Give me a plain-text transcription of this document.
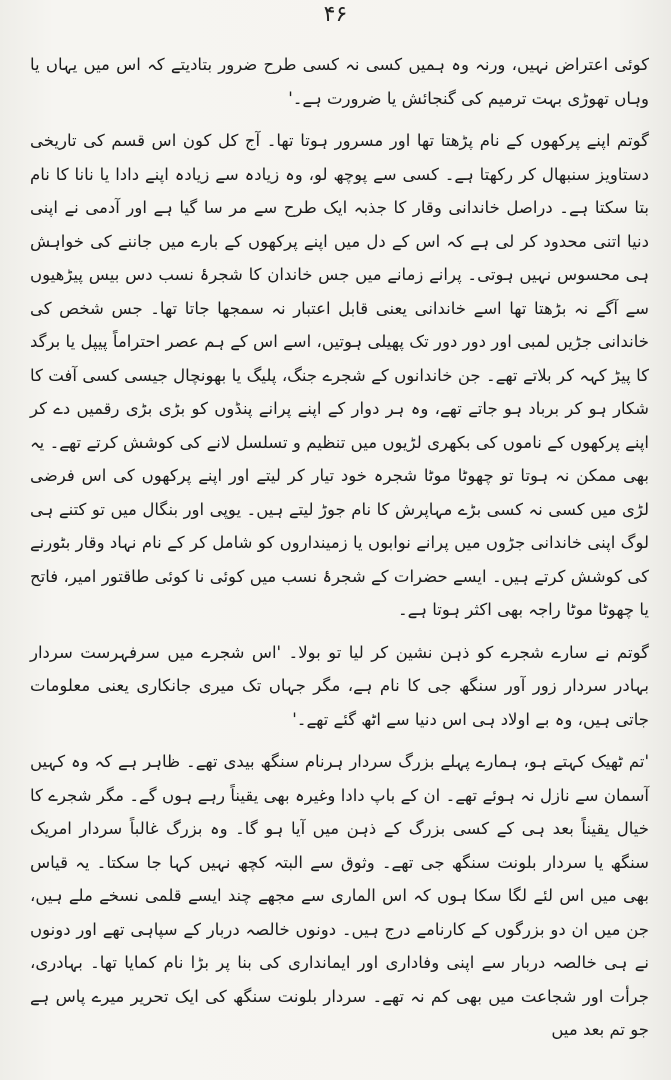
۴۶

کوئی اعتراض نہیں، ورنہ وہ ہمیں کسی نہ کسی طرح ضرور بتادیتے کہ اس میں یہاں یا وہاں تھوڑی بہت ترمیم کی گنجائش یا ضرورت ہے۔'

گوتم اپنے پرکھوں کے نام پڑھتا تھا اور مسرور ہوتا تھا۔ آج کل کون اس قسم کی تاریخی دستاویز سنبھال کر رکھتا ہے۔ کسی سے پوچھ لو، وہ زیادہ سے زیادہ اپنے دادا یا نانا کا نام بتا سکتا ہے۔ دراصل خاندانی وقار کا جذبہ ایک طرح سے مر سا گیا ہے اور آدمی نے اپنی دنیا اتنی محدود کر لی ہے کہ اس کے دل میں اپنے پرکھوں کے بارے میں جاننے کی خواہش ہی محسوس نہیں ہوتی۔ پرانے زمانے میں جس خاندان کا شجرۂ نسب دس بیس پیڑھیوں سے آگے نہ بڑھتا تھا اسے خاندانی یعنی قابل اعتبار نہ سمجھا جاتا تھا۔ جس شخص کی خاندانی جڑیں لمبی اور دور دور تک پھیلی ہوتیں، اسے اس کے ہم عصر احتراماً پیپل یا برگد کا پیڑ کہہ کر بلاتے تھے۔ جن خاندانوں کے شجرے جنگ، پلیگ یا بھونچال جیسی کسی آفت کا شکار ہو کر برباد ہو جاتے تھے، وہ ہر دوار کے اپنے پرانے پنڈوں کو بڑی بڑی رقمیں دے کر اپنے پرکھوں کے ناموں کی بکھری لڑیوں میں تنظیم و تسلسل لانے کی کوشش کرتے تھے۔ یہ بھی ممکن نہ ہوتا تو چھوٹا موٹا شجرہ خود تیار کر لیتے اور اپنے پرکھوں کی اس فرضی لڑی میں کسی نہ کسی بڑے مہاپرش کا نام جوڑ لیتے ہیں۔ یوپی اور بنگال میں تو کتنے ہی لوگ اپنی خاندانی جڑوں میں پرانے نوابوں یا زمینداروں کو شامل کر کے نام نہاد وقار بٹورنے کی کوشش کرتے ہیں۔ ایسے حضرات کے شجرۂ نسب میں کوئی نا کوئی طاقتور امیر، فاتح یا چھوٹا موٹا راجہ بھی اکثر ہوتا ہے۔

گوتم نے سارے شجرے کو ذہن نشین کر لیا تو بولا۔ 'اس شجرے میں سرفہرست سردار بہادر سردار زور آور سنگھ جی کا نام ہے، مگر جہاں تک میری جانکاری یعنی معلومات جاتی ہیں، وہ بے اولاد ہی اس دنیا سے اٹھ گئے تھے۔'

'تم ٹھیک کہتے ہو، ہمارے پہلے بزرگ سردار ہرنام سنگھ بیدی تھے۔ ظاہر ہے کہ وہ کہیں آسمان سے نازل نہ ہوئے تھے۔ ان کے باپ دادا وغیرہ بھی یقیناً رہے ہوں گے۔ مگر شجرے کا خیال یقیناً بعد ہی کے کسی بزرگ کے ذہن میں آیا ہو گا۔ وہ بزرگ غالباً سردار امریک سنگھ یا سردار بلونت سنگھ جی تھے۔ وثوق سے البتہ کچھ نہیں کہا جا سکتا۔ یہ قیاس بھی میں اس لئے لگا سکا ہوں کہ اس الماری سے مجھے چند ایسے قلمی نسخے ملے ہیں، جن میں ان دو بزرگوں کے کارنامے درج ہیں۔ دونوں خالصہ دربار کے سپاہی تھے اور دونوں نے ہی خالصہ دربار سے اپنی وفاداری اور ایمانداری کی بنا پر بڑا نام کمایا تھا۔ بہادری، جرأت اور شجاعت میں بھی کم نہ تھے۔ سردار بلونت سنگھ کی ایک تحریر میرے پاس ہے جو تم بعد میں
